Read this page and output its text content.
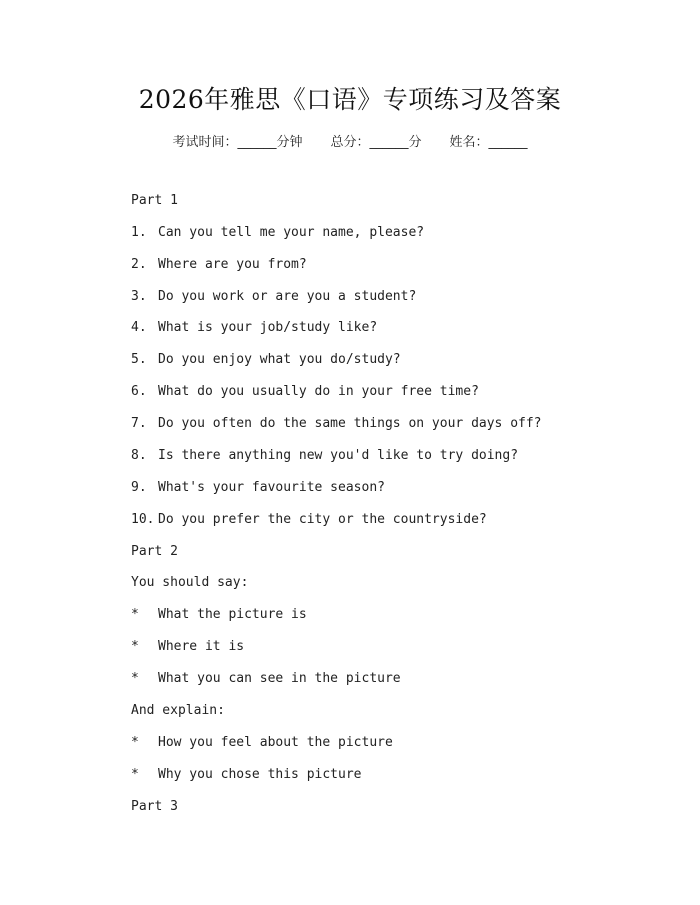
2026年雅思《口语》专项练习及答案
考试时间：______分钟 总分：______分 姓名：______
Part 1
1. Can you tell me your name, please?
2. Where are you from?
3. Do you work or are you a student?
4. What is your job/study like?
5. Do you enjoy what you do/study?
6. What do you usually do in your free time?
7. Do you often do the same things on your days off?
8. Is there anything new you'd like to try doing?
9. What's your favourite season?
10. Do you prefer the city or the countryside?
Part 2
You should say:
* What the picture is
* Where it is
* What you can see in the picture
And explain:
* How you feel about the picture
* Why you chose this picture
Part 3
